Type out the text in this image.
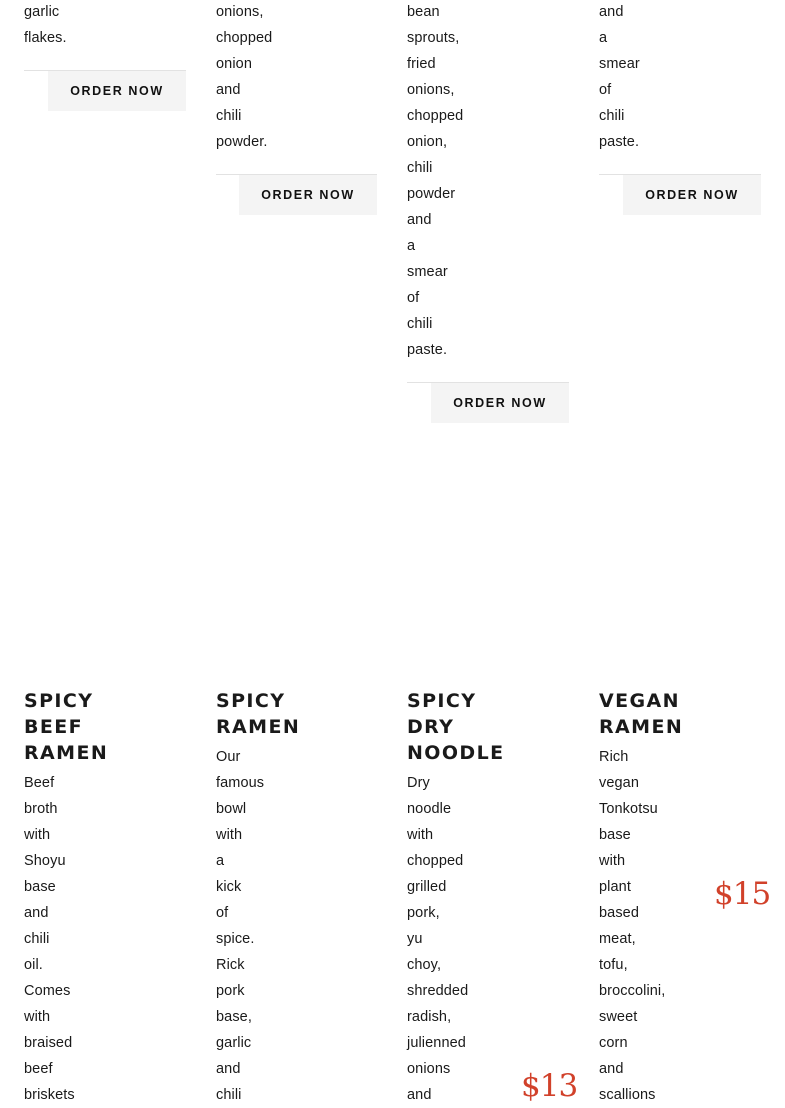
garlic
flakes.
ORDER NOW
onions,
chopped
onion
and
chili
powder.
ORDER NOW
bean
sprouts,
fried
onions,
chopped
onion,
chili
powder
and
a
smear
of
chili
paste.
ORDER NOW
and
a
smear
of
chili
paste.
ORDER NOW
SPICY
BEEF
RAMEN
Beef
broth
with
Shoyu
base
and
chili
oil.
Comes
with
braised
beef
briskets
SPICY
RAMEN
Our
famous
bowl
with
a
kick
of
spice.
Rick
pork
base,
garlic
and
chili
SPICY
DRY
NOODLE
Dry
noodle
with
chopped
grilled
pork,
yu
choy,
shredded
radish,
julienned
onions
and	$13
VEGAN
RAMEN
Rich
vegan
Tonkotsu
base
with
plant
based
meat,
tofu,
broccolini,
sweet
corn
and
scallions
$15
